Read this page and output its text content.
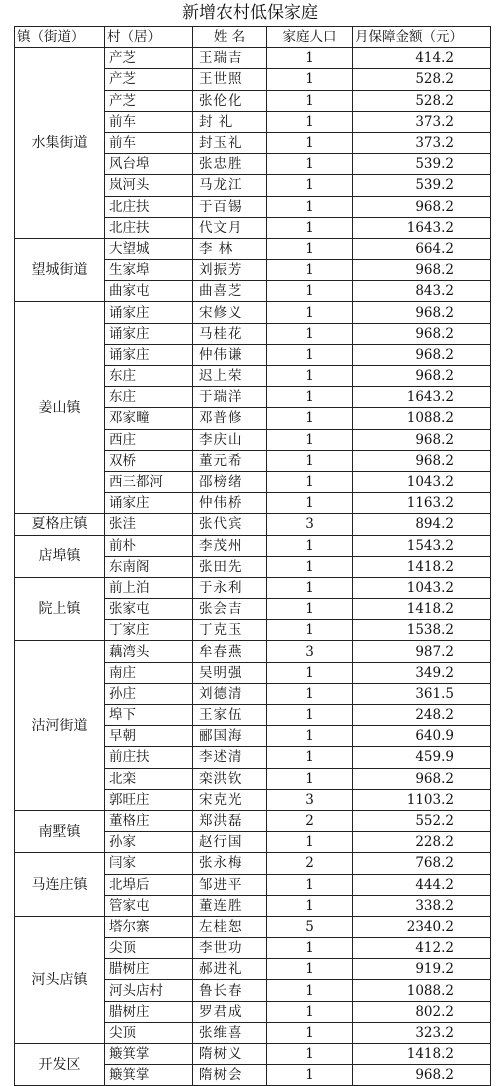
新增农村低保家庭
镇（街道）	村（居）	姓 名	家庭人口	月保障金额（元）
水集街道	产芝	王瑞吉	1	414.2
	产芝	王世照	1	528.2
	产芝	张伦化	1	528.2
	前车	封 礼	1	373.2
	前车	封玉礼	1	373.2
	风台埠	张忠胜	1	539.2
	岚河头	马龙江	1	539.2
	北庄扶	于百锡	1	968.2
	北庄扶	代文月	1	1643.2
望城街道	大望城	李 林	1	664.2
	生家埠	刘振芳	1	968.2
	曲家屯	曲喜芝	1	843.2
姜山镇	诵家庄	宋修义	1	968.2
	诵家庄	马桂花	1	968.2
	诵家庄	仲伟谦	1	968.2
	东庄	迟上荣	1	968.2
	东庄	于瑞洋	1	1643.2
	邓家疃	邓普修	1	1088.2
	西庄	李庆山	1	968.2
	双桥	董元希	1	968.2
	西三都河	邵榜绪	1	1043.2
	诵家庄	仲伟桥	1	1163.2
夏格庄镇	张洼	张代宾	3	894.2
店埠镇	前朴	李茂州	1	1543.2
	东南阁	张田先	1	1418.2
院上镇	前上泊	于永利	1	1043.2
	张家屯	张会吉	1	1418.2
	丁家庄	丁克玉	1	1538.2
沽河街道	藕湾头	牟春燕	3	987.2
	南庄	吴明强	1	349.2
	孙庄	刘德清	1	361.5
	埠下	王家伍	1	248.2
	早朝	郦国海	1	640.9
	前庄扶	李述清	1	459.9
	北栾	栾洪钦	1	968.2
	郭旺庄	宋克光	3	1103.2
南墅镇	董格庄	郑洪磊	2	552.2
	孙家	赵行国	1	228.2
马连庄镇	闫家	张永梅	2	768.2
	北埠后	邹进平	1	444.2
	管家屯	董连胜	1	338.2
河头店镇	塔尔寨	左桂恕	5	2340.2
	尖顶	李世功	1	412.2
	腊树庄	郝进礼	1	919.2
	河头店村	鲁长春	1	1088.2
	腊树庄	罗君成	1	802.2
	尖顶	张维喜	1	323.2
开发区	簸箕掌	隋树义	1	1418.2
	簸箕掌	隋树会	1	968.2
